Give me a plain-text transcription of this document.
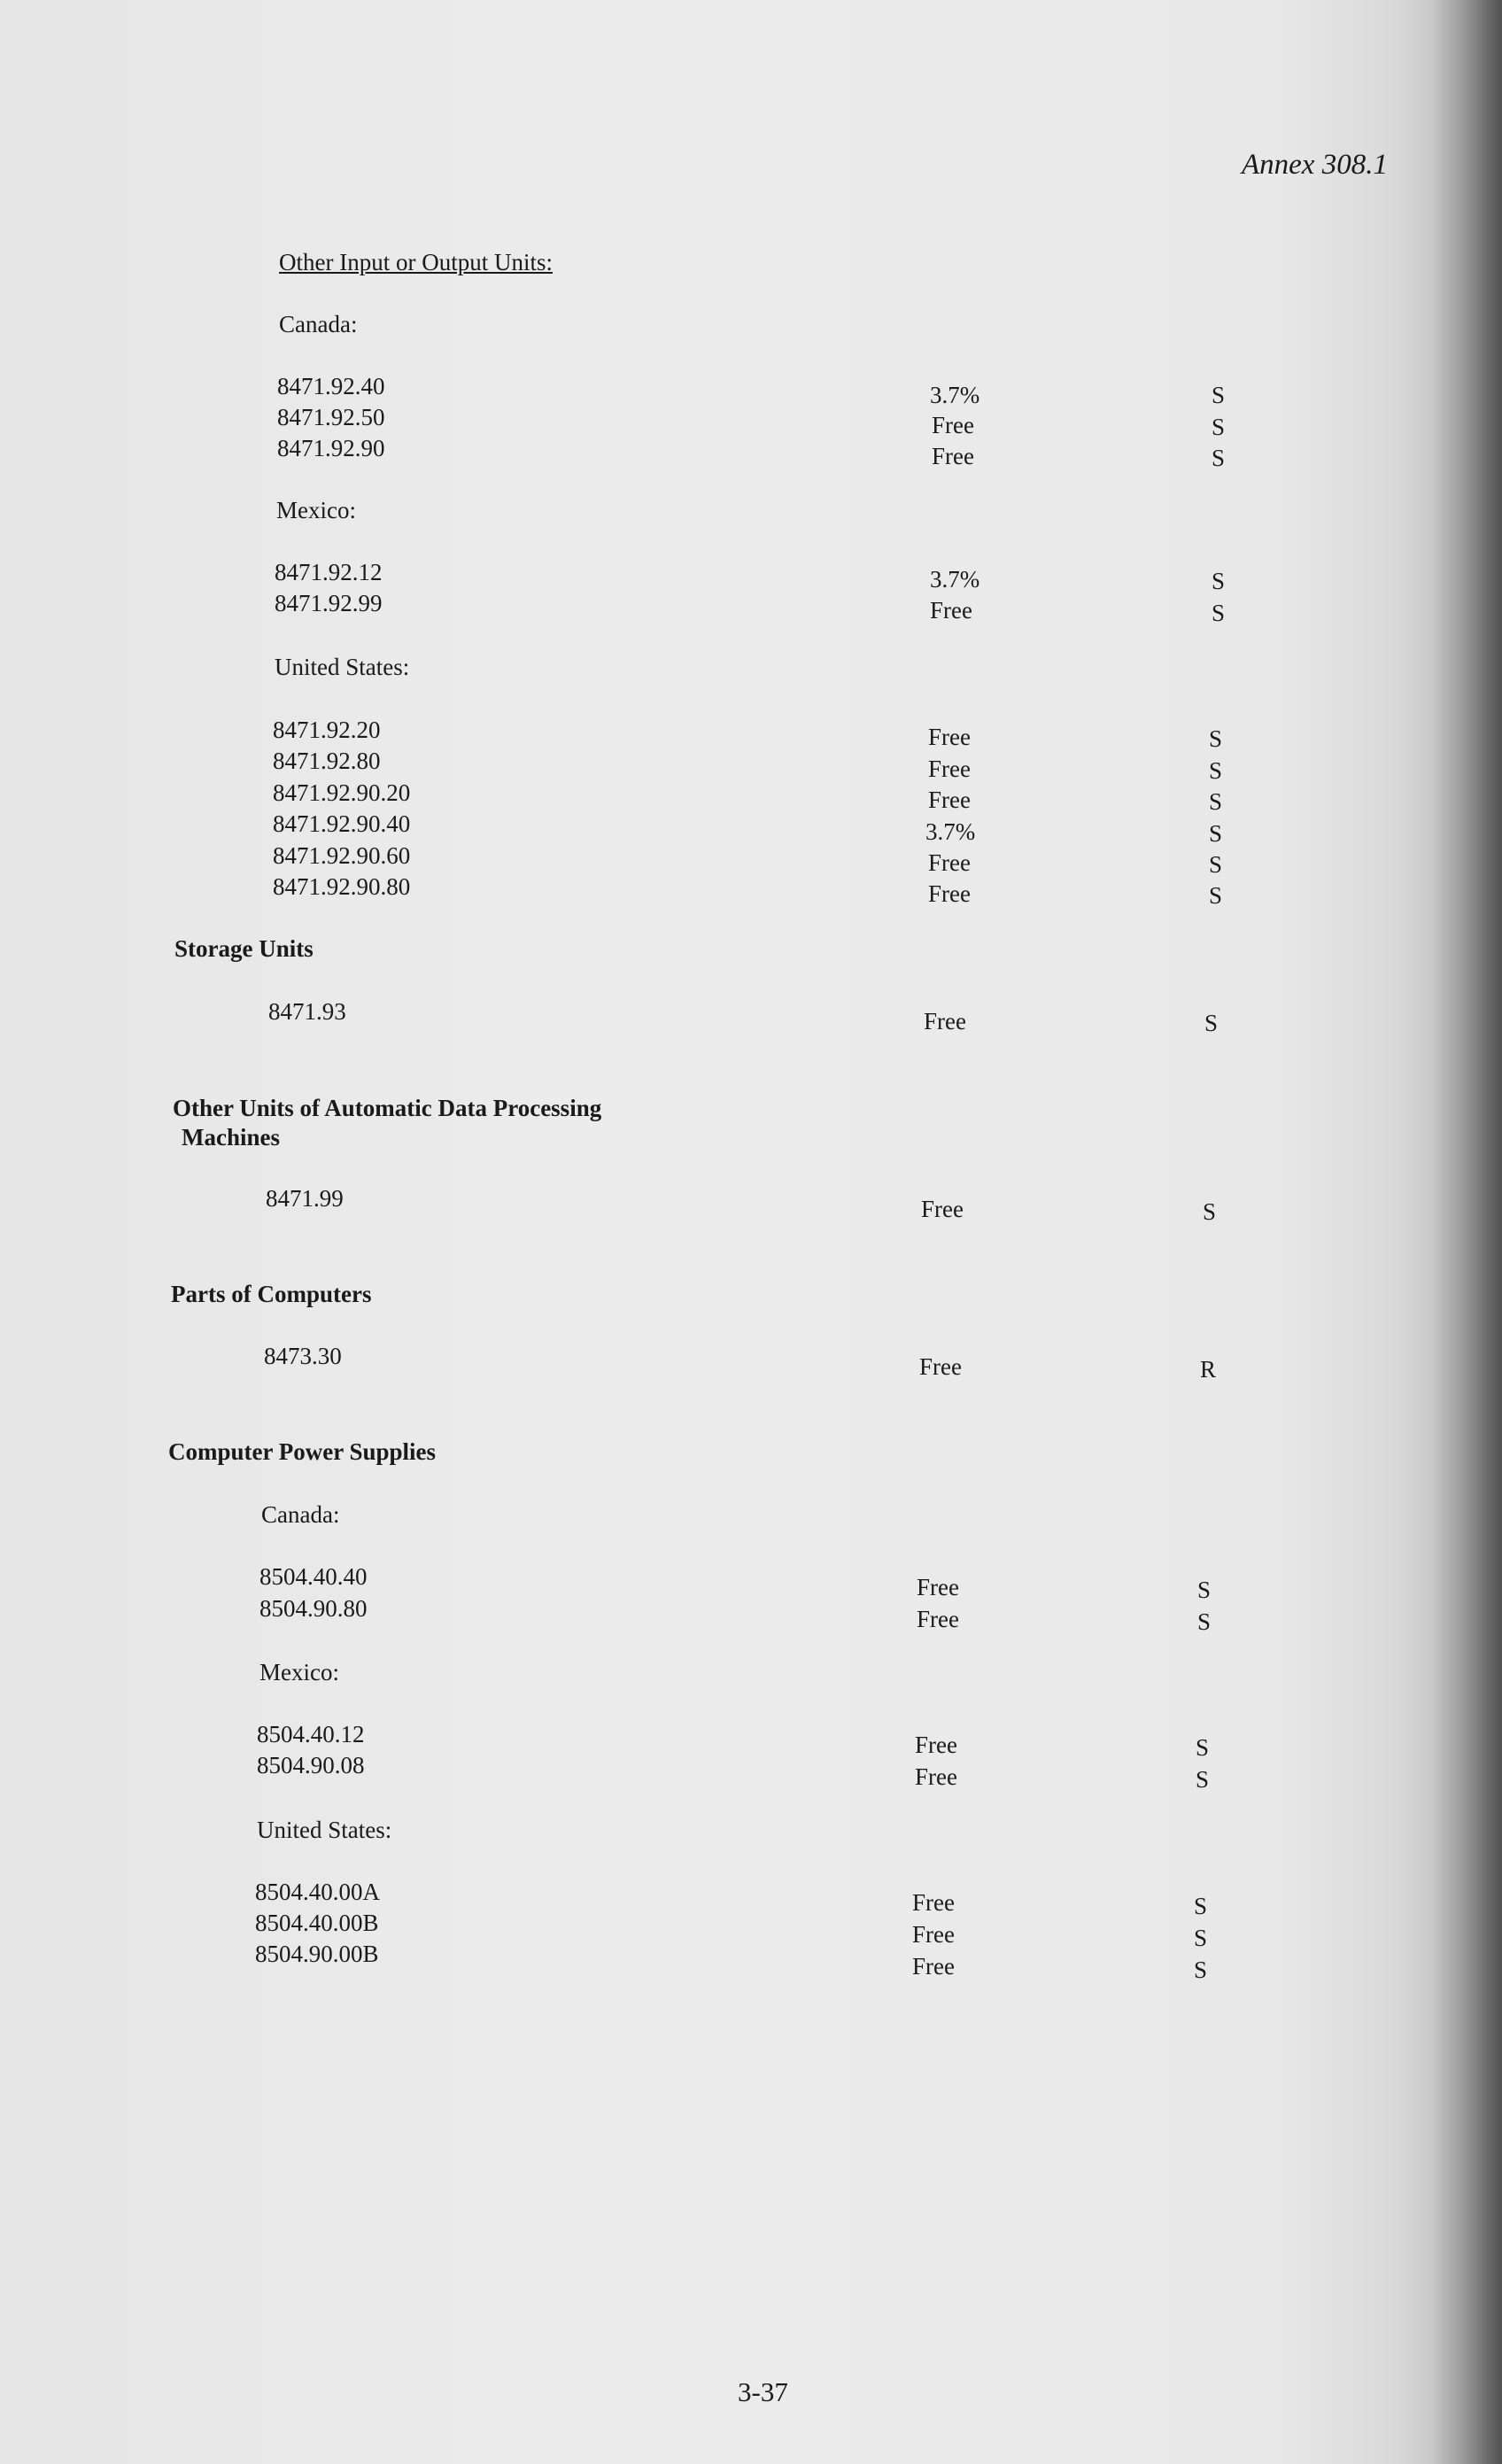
Annex 308.1
Other Input or Output Units:
Canada:
8471.92.40	3.7%	S
8471.92.50	Free	S
8471.92.90	Free	S
Mexico:
8471.92.12	3.7%	S
8471.92.99	Free	S
United States:
8471.92.20	Free	S
8471.92.80	Free	S
8471.92.90.20	Free	S
8471.92.90.40	3.7%	S
8471.92.90.60	Free	S
8471.92.90.80	Free	S
Storage Units
8471.93	Free	S
Other Units of Automatic Data Processing
Machines
8471.99	Free	S
Parts of Computers
8473.30	Free	R
Computer Power Supplies
Canada:
8504.40.40	Free	S
8504.90.80	Free	S
Mexico:
8504.40.12	Free	S
8504.90.08	Free	S
United States:
8504.40.00A	Free	S
8504.40.00B	Free	S
8504.90.00B	Free	S
3-37
